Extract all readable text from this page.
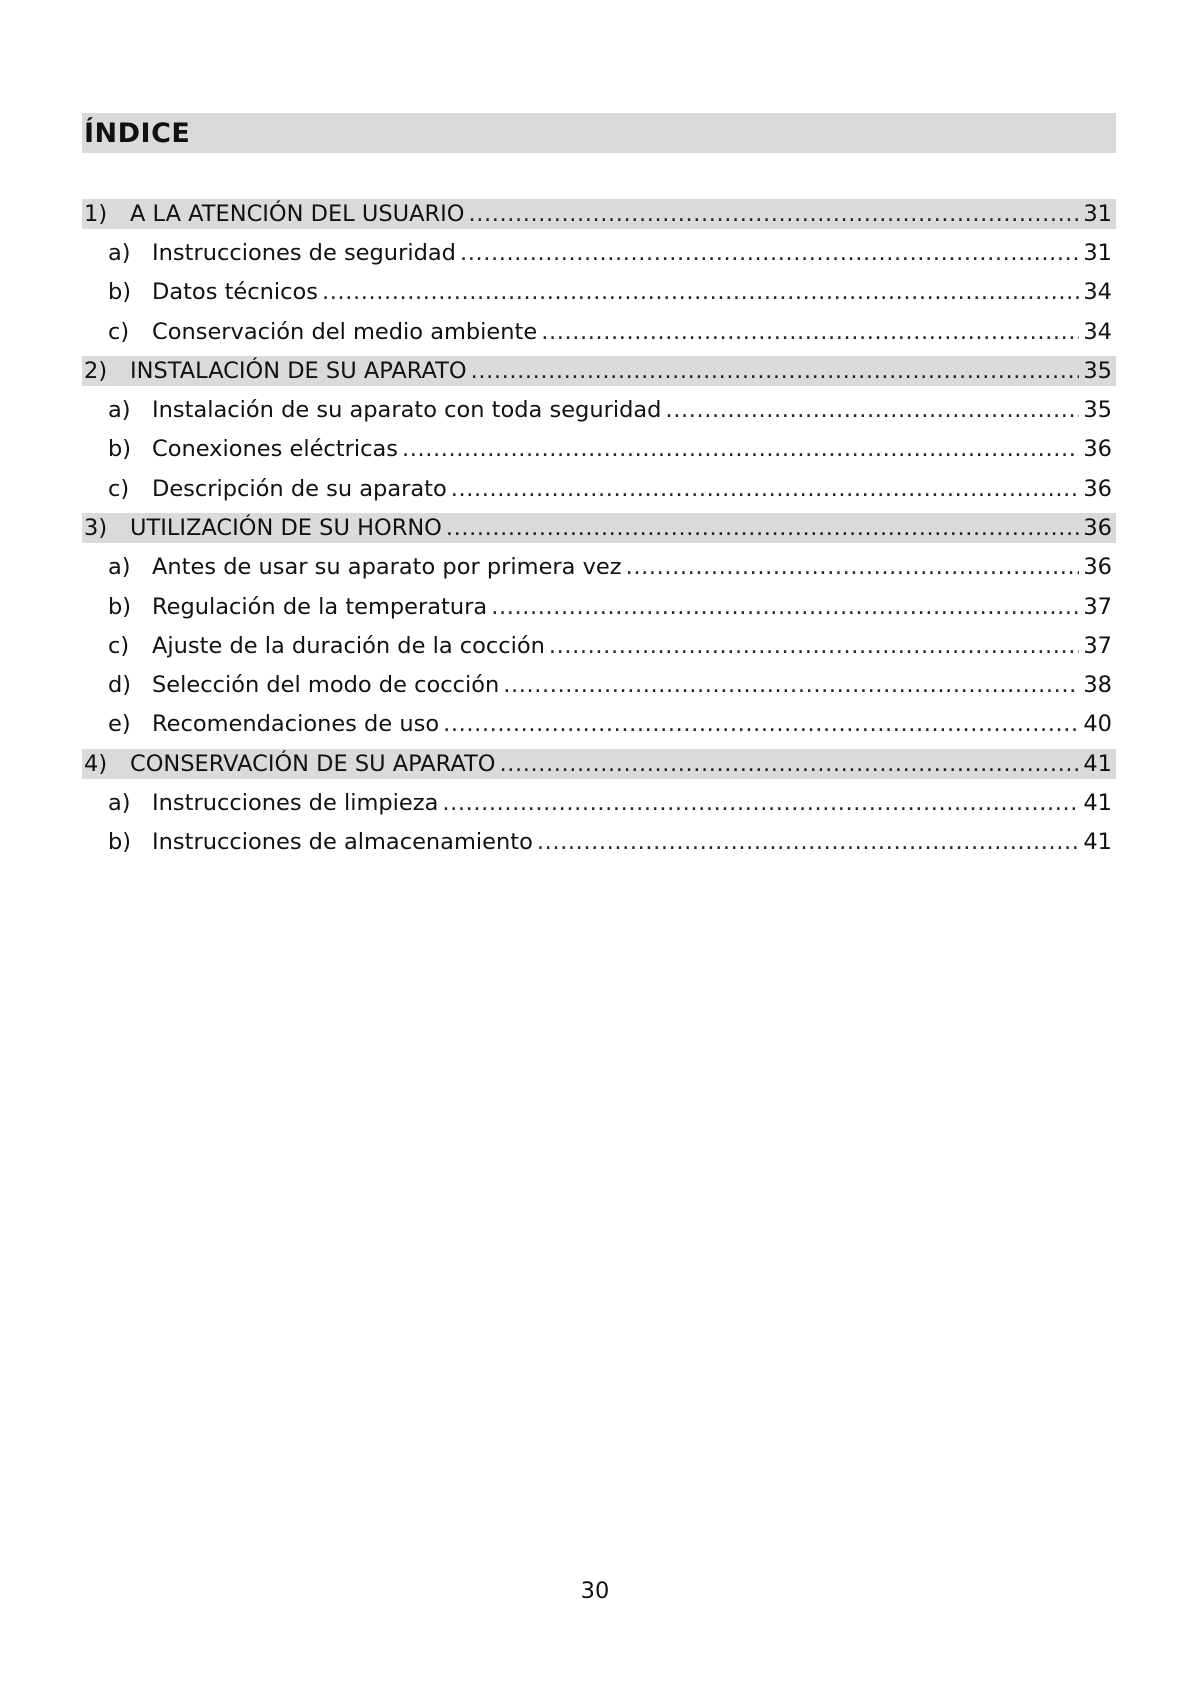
ÍNDICE
1)	A LA ATENCIÓN DEL USUARIO .....	31
a) Instrucciones de seguridad .....	31
b) Datos técnicos .....	34
c)	Conservación del medio ambiente .....	34
2)	INSTALACIÓN DE SU APARATO .....	35
a) Instalación de su aparato con toda seguridad .....	35
b) Conexiones eléctricas .....	36
c)	Descripción de su aparato .....	36
3)	UTILIZACIÓN DE SU HORNO .....	36
a) Antes de usar su aparato por primera vez .....	36
b) Regulación de la temperatura .....	37
c)	Ajuste de la duración de la cocción .....	37
d) Selección del modo de cocción .....	38
e) Recomendaciones de uso .....	40
4)	CONSERVACIÓN DE SU APARATO .....	41
a) Instrucciones de limpieza .....	41
b) Instrucciones de almacenamiento .....	41
30
